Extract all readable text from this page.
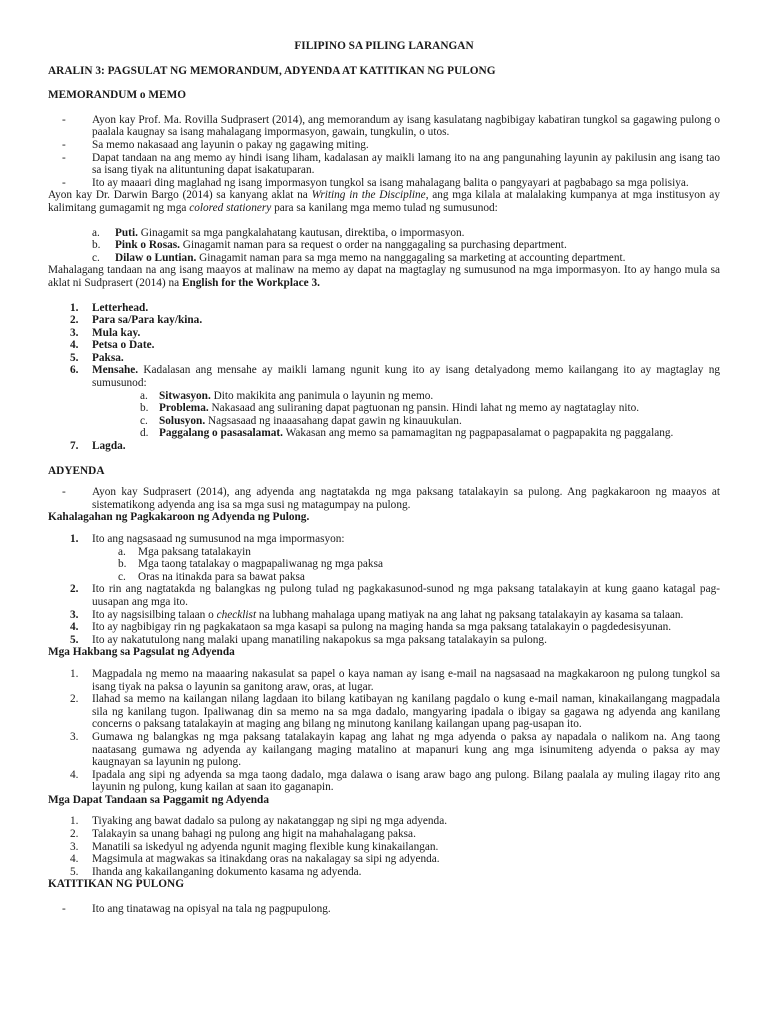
FILIPINO SA PILING LARANGAN

ARALIN 3: PAGSULAT NG MEMORANDUM, ADYENDA AT KATITIKAN NG PULONG

MEMORANDUM o MEMO

- Ayon kay Prof. Ma. Rovilla Sudprasert (2014), ang memorandum ay isang kasulatang nagbibigay kabatiran tungkol sa gagawing pulong o paalala kaugnay sa isang mahalagang impormasyon, gawain, tungkulin, o utos.
- Sa memo nakasaad ang layunin o pakay ng gagawing miting.
- Dapat tandaan na ang memo ay hindi isang liham, kadalasan ay maikli lamang ito na ang pangunahing layunin ay pakilusin ang isang tao sa isang tiyak na alituntuning dapat isakatuparan.
- Ito ay maaari ding maglahad ng isang impormasyon tungkol sa isang mahalagang balita o pangyayari at pagbabago sa mga polisiya.

Ayon kay Dr. Darwin Bargo (2014) sa kanyang aklat na Writing in the Discipline, ang mga kilala at malalaking kumpanya at mga institusyon ay kalimitang gumagamit ng mga colored stationery para sa kanilang mga memo tulad ng sumusunod:

a.	Puti. Ginagamit sa mga pangkalahatang kautusan, direktiba, o impormasyon.
b.	Pink o Rosas. Ginagamit naman para sa request o order na nanggagaling sa purchasing department.
c.	Dilaw o Luntian. Ginagamit naman para sa mga memo na nanggagaling sa marketing at accounting department.

Mahalagang tandaan na ang isang maayos at malinaw na memo ay dapat na magtaglay ng sumusunod na mga impormasyon. Ito ay hango mula sa aklat ni Sudprasert (2014) na English for the Workplace 3.

1. Letterhead.
2. Para sa/Para kay/kina.
3. Mula kay.
4. Petsa o Date.
5. Paksa.
6. Mensahe. Kadalasan ang mensahe ay maikli lamang ngunit kung ito ay isang detalyadong memo kailangang ito ay magtaglay ng sumusunod:
a. Sitwasyon. Dito makikita ang panimula o layunin ng memo.
b. Problema. Nakasaad ang suliraning dapat pagtuonan ng pansin. Hindi lahat ng memo ay nagtataglay nito.
c. Solusyon. Nagsasaad ng inaaasahang dapat gawin ng kinauukulan.
d. Paggalang o pasasalamat. Wakasan ang memo sa pamamagitan ng pagpapasalamat o pagpapakita ng paggalang.
7. Lagda.

ADYENDA

- Ayon kay Sudprasert (2014), ang adyenda ang nagtatakda ng mga paksang tatalakayin sa pulong. Ang pagkakaroon ng maayos at sistematikong adyenda ang isa sa mga susi ng matagumpay na pulong.

Kahalagahan ng Pagkakaroon ng Adyenda ng Pulong.

1. Ito ang nagsasaad ng sumusunod na mga impormasyon:
a.	Mga paksang tatalakayin
b.	Mga taong tatalakay o magpapaliwanag ng mga paksa
c.	Oras na itinakda para sa bawat paksa
2. Ito rin ang nagtatakda ng balangkas ng pulong tulad ng pagkakasunod-sunod ng mga paksang tatalakayin at kung gaano katagal pag-uusapan ang mga ito.
3. Ito ay nagsisilbing talaan o checklist na lubhang mahalaga upang matiyak na ang lahat ng paksang tatalakayin ay kasama sa talaan.
4. Ito ay nagbibigay rin ng pagkakataon sa mga kasapi sa pulong na maging handa sa mga paksang tatalakayin o pagdedesisyunan.
5. Ito ay nakatutulong nang malaki upang manatiling nakapokus sa mga paksang tatalakayin sa pulong.

Mga Hakbang sa Pagsulat ng Adyenda

1. Magpadala ng memo na maaaring nakasulat sa papel o kaya naman ay isang e-mail na nagsasaad na magkakaroon ng pulong tungkol sa isang tiyak na paksa o layunin sa ganitong araw, oras, at lugar.
2. Ilahad sa memo na kailangan nilang lagdaan ito bilang katibayan ng kanilang pagdalo o kung e-mail naman, kinakailangang magpadala sila ng kanilang tugon. Ipaliwanag din sa memo na sa mga dadalo, mangyaring ipadala o ibigay sa gagawa ng adyenda ang kanilang concerns o paksang tatalakayin at maging ang bilang ng minutong kanilang kailangan upang pag-usapan ito.
3. Gumawa ng balangkas ng mga paksang tatalakayin kapag ang lahat ng mga adyenda o paksa ay napadala o nalikom na. Ang taong naatasang gumawa ng adyenda ay kailangang maging matalino at mapanuri kung ang mga isinumiteng adyenda o paksa ay may kaugnayan sa layunin ng pulong.
4. Ipadala ang sipi ng adyenda sa mga taong dadalo, mga dalawa o isang araw bago ang pulong. Bilang paalala ay muling ilagay rito ang layunin ng pulong, kung kailan at saan ito gaganapin.

Mga Dapat Tandaan sa Paggamit ng Adyenda

1. Tiyaking ang bawat dadalo sa pulong ay nakatanggap ng sipi ng mga adyenda.
2. Talakayin sa unang bahagi ng pulong ang higit na mahahalagang paksa.
3. Manatili sa iskedyul ng adyenda ngunit maging flexible kung kinakailangan.
4. Magsimula at magwakas sa itinakdang oras na nakalagay sa sipi ng adyenda.
5. Ihanda ang kakailanganing dokumento kasama ng adyenda.

KATITIKAN NG PULONG

- Ito ang tinatawag na opisyal na tala ng pagpupulong.
